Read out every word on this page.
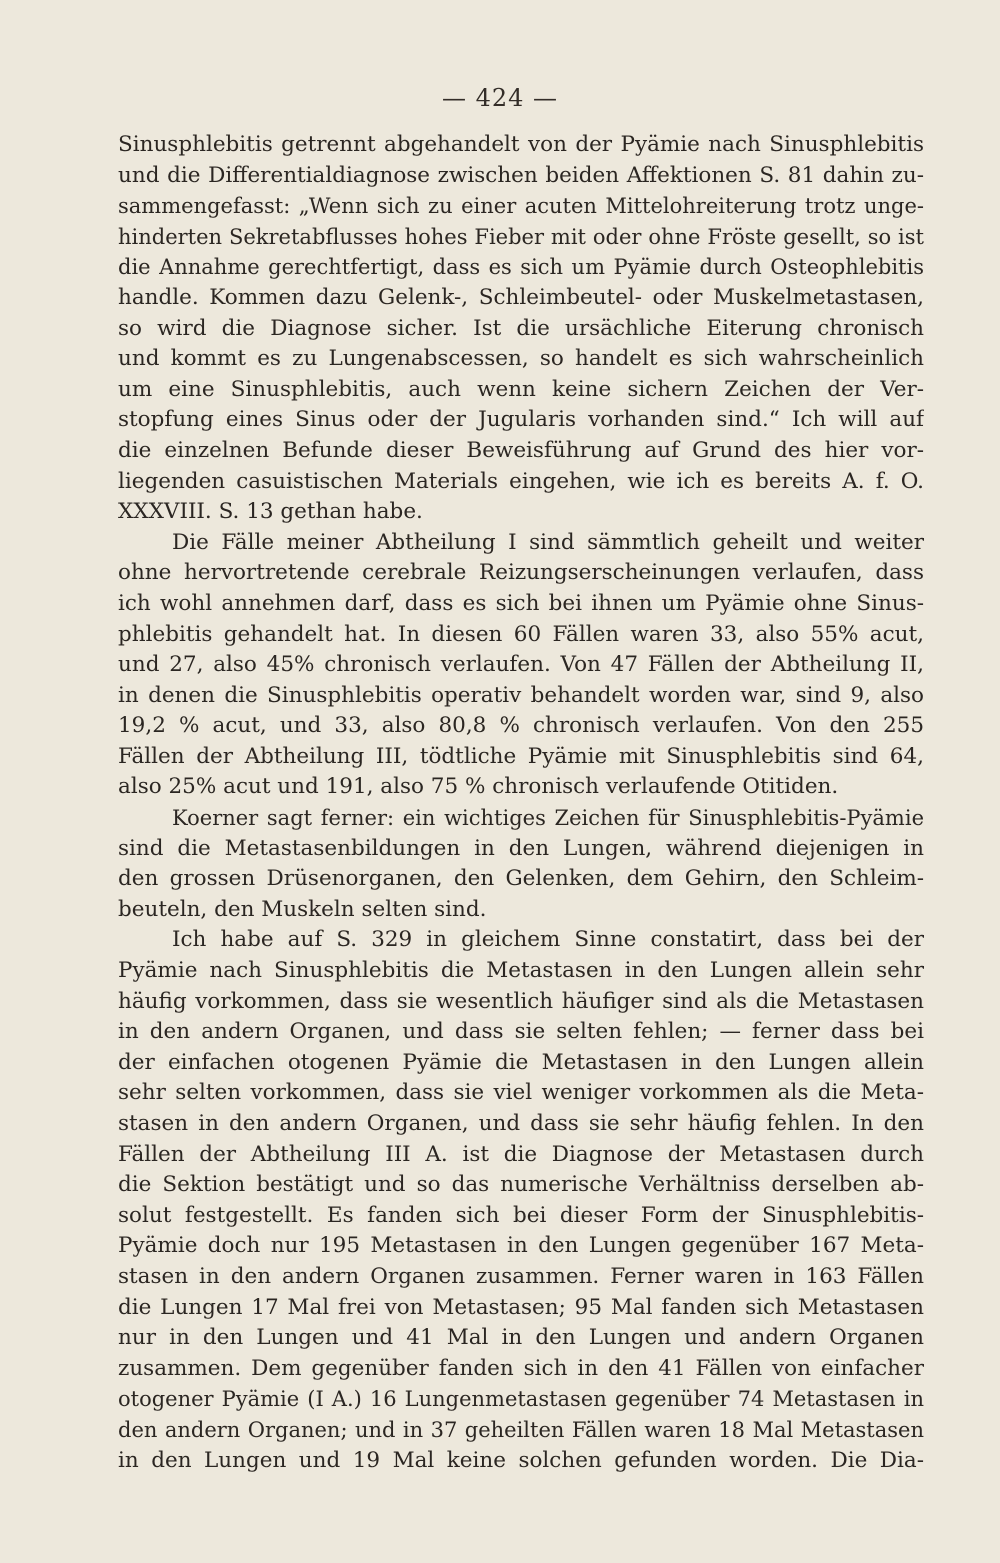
— 424 —
Sinusphlebitis getrennt abgehandelt von der Pyämie nach Sinusphlebitis
und die Differentialdiagnose zwischen beiden Affektionen S. 81 dahin zu-
sammengefasst: „Wenn sich zu einer acuten Mittelohreiterung trotz unge-
hinderten Sekretabflusses hohes Fieber mit oder ohne Fröste gesellt, so ist
die Annahme gerechtfertigt, dass es sich um Pyämie durch Osteophlebitis
handle. Kommen dazu Gelenk-, Schleimbeutel- oder Muskelmetastasen,
so wird die Diagnose sicher. Ist die ursächliche Eiterung chronisch
und kommt es zu Lungenabscessen, so handelt es sich wahrscheinlich
um eine Sinusphlebitis, auch wenn keine sichern Zeichen der Ver-
stopfung eines Sinus oder der Jugularis vorhanden sind.“ Ich will auf
die einzelnen Befunde dieser Beweisführung auf Grund des hier vor-
liegenden casuistischen Materials eingehen, wie ich es bereits A. f. O.
XXXVIII. S. 13 gethan habe.
Die Fälle meiner Abtheilung I sind sämmtlich geheilt und weiter
ohne hervortretende cerebrale Reizungserscheinungen verlaufen, dass
ich wohl annehmen darf, dass es sich bei ihnen um Pyämie ohne Sinus-
phlebitis gehandelt hat. In diesen 60 Fällen waren 33, also 55% acut,
und 27, also 45% chronisch verlaufen. Von 47 Fällen der Abtheilung II,
in denen die Sinusphlebitis operativ behandelt worden war, sind 9, also
19,2 % acut, und 33, also 80,8 % chronisch verlaufen. Von den 255
Fällen der Abtheilung III, tödtliche Pyämie mit Sinusphlebitis sind 64,
also 25% acut und 191, also 75 % chronisch verlaufende Otitiden.
Koerner sagt ferner: ein wichtiges Zeichen für Sinusphlebitis-Pyämie
sind die Metastasenbildungen in den Lungen, während diejenigen in
den grossen Drüsenorganen, den Gelenken, dem Gehirn, den Schleim-
beuteln, den Muskeln selten sind.
Ich habe auf S. 329 in gleichem Sinne constatirt, dass bei der
Pyämie nach Sinusphlebitis die Metastasen in den Lungen allein sehr
häufig vorkommen, dass sie wesentlich häufiger sind als die Metastasen
in den andern Organen, und dass sie selten fehlen; — ferner dass bei
der einfachen otogenen Pyämie die Metastasen in den Lungen allein
sehr selten vorkommen, dass sie viel weniger vorkommen als die Meta-
stasen in den andern Organen, und dass sie sehr häufig fehlen. In den
Fällen der Abtheilung III A. ist die Diagnose der Metastasen durch
die Sektion bestätigt und so das numerische Verhältniss derselben ab-
solut festgestellt. Es fanden sich bei dieser Form der Sinusphlebitis-
Pyämie doch nur 195 Metastasen in den Lungen gegenüber 167 Meta-
stasen in den andern Organen zusammen. Ferner waren in 163 Fällen
die Lungen 17 Mal frei von Metastasen; 95 Mal fanden sich Metastasen
nur in den Lungen und 41 Mal in den Lungen und andern Organen
zusammen. Dem gegenüber fanden sich in den 41 Fällen von einfacher
otogener Pyämie (I A.) 16 Lungenmetastasen gegenüber 74 Metastasen in
den andern Organen; und in 37 geheilten Fällen waren 18 Mal Metastasen
in den Lungen und 19 Mal keine solchen gefunden worden. Die Dia-
